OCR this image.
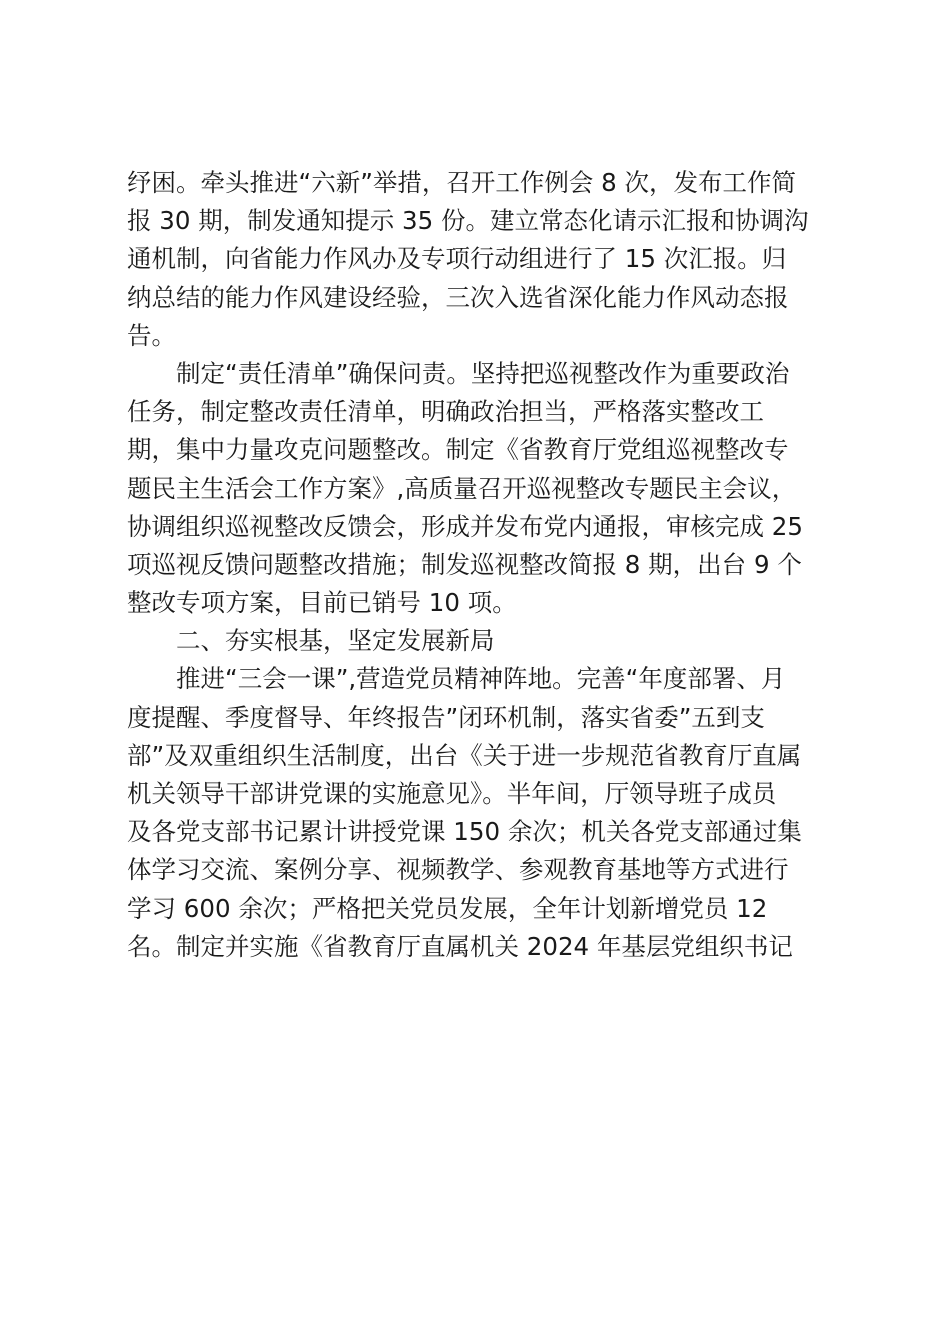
纾困。牵头推进“六新”举措，召开工作例会 8 次，发布工作简
报 30 期，制发通知提示 35 份。建立常态化请示汇报和协调沟
通机制，向省能力作风办及专项行动组进行了 15 次汇报。归
纳总结的能力作风建设经验，三次入选省深化能力作风动态报
告。
　　制定“责任清单”确保问责。坚持把巡视整改作为重要政治
任务，制定整改责任清单，明确政治担当，严格落实整改工
期，集中力量攻克问题整改。制定《省教育厅党组巡视整改专
题民主生活会工作方案》,高质量召开巡视整改专题民主会议，
协调组织巡视整改反馈会，形成并发布党内通报，审核完成 25
项巡视反馈问题整改措施；制发巡视整改简报 8 期，出台 9 个
整改专项方案，目前已销号 10 项。
　　二、夯实根基，坚定发展新局
　　推进“三会一课”,营造党员精神阵地。完善“年度部署、月
度提醒、季度督导、年终报告”闭环机制，落实省委”五到支
部”及双重组织生活制度，出台《关于进一步规范省教育厅直属
机关领导干部讲党课的实施意见》。半年间，厅领导班子成员
及各党支部书记累计讲授党课 150 余次；机关各党支部通过集
体学习交流、案例分享、视频教学、参观教育基地等方式进行
学习 600 余次；严格把关党员发展，全年计划新增党员 12
名。制定并实施《省教育厅直属机关 2024 年基层党组织书记
